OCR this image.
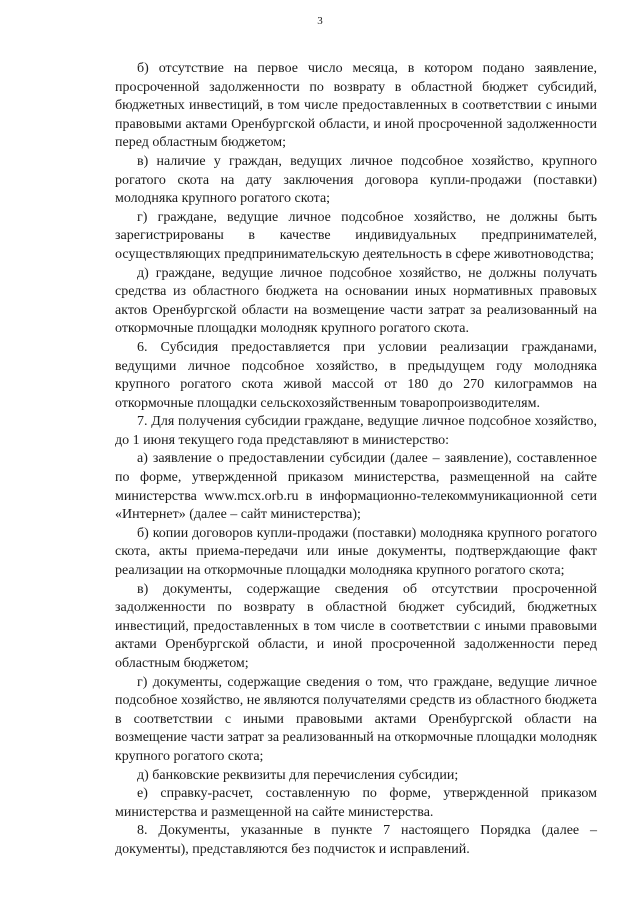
3

б) отсутствие на первое число месяца, в котором подано заявление, просроченной задолженности по возврату в областной бюджет субсидий, бюджетных инвестиций, в том числе предоставленных в соответствии с иными правовыми актами Оренбургской области, и иной просроченной задолженности перед областным бюджетом;

в) наличие у граждан, ведущих личное подсобное хозяйство, крупного рогатого скота на дату заключения договора купли-продажи (поставки) молодняка крупного рогатого скота;

г) граждане, ведущие личное подсобное хозяйство, не должны быть зарегистрированы в качестве индивидуальных предпринимателей, осуществляющих предпринимательскую деятельность в сфере животноводства;

д) граждане, ведущие личное подсобное хозяйство, не должны получать средства из областного бюджета на основании иных нормативных правовых актов Оренбургской области на возмещение части затрат за реализованный на откормочные площадки молодняк крупного рогатого скота.

6. Субсидия предоставляется при условии реализации гражданами, ведущими личное подсобное хозяйство, в предыдущем году молодняка крупного рогатого скота живой массой от 180 до 270 килограммов на откормочные площадки сельскохозяйственным товаропроизводителям.

7. Для получения субсидии граждане, ведущие личное подсобное хозяйство, до 1 июня текущего года представляют в министерство:

а) заявление о предоставлении субсидии (далее – заявление), составленное по форме, утвержденной приказом министерства, размещенной на сайте министерства www.mcx.orb.ru в информационно-телекоммуникационной сети «Интернет» (далее – сайт министерства);

б) копии договоров купли-продажи (поставки) молодняка крупного рогатого скота, акты приема-передачи или иные документы, подтверждающие факт реализации на откормочные площадки молодняка крупного рогатого скота;

в) документы, содержащие сведения об отсутствии просроченной задолженности по возврату в областной бюджет субсидий, бюджетных инвестиций, предоставленных в том числе в соответствии с иными правовыми актами Оренбургской области, и иной просроченной задолженности перед областным бюджетом;

г) документы, содержащие сведения о том, что граждане, ведущие личное подсобное хозяйство, не являются получателями средств из областного бюджета в соответствии с иными правовыми актами Оренбургской области на возмещение части затрат за реализованный на откормочные площадки молодняк крупного рогатого скота;

д) банковские реквизиты для перечисления субсидии;

е) справку-расчет, составленную по форме, утвержденной приказом министерства и размещенной на сайте министерства.

8. Документы, указанные в пункте 7 настоящего Порядка (далее – документы), представляются без подчисток и исправлений.
